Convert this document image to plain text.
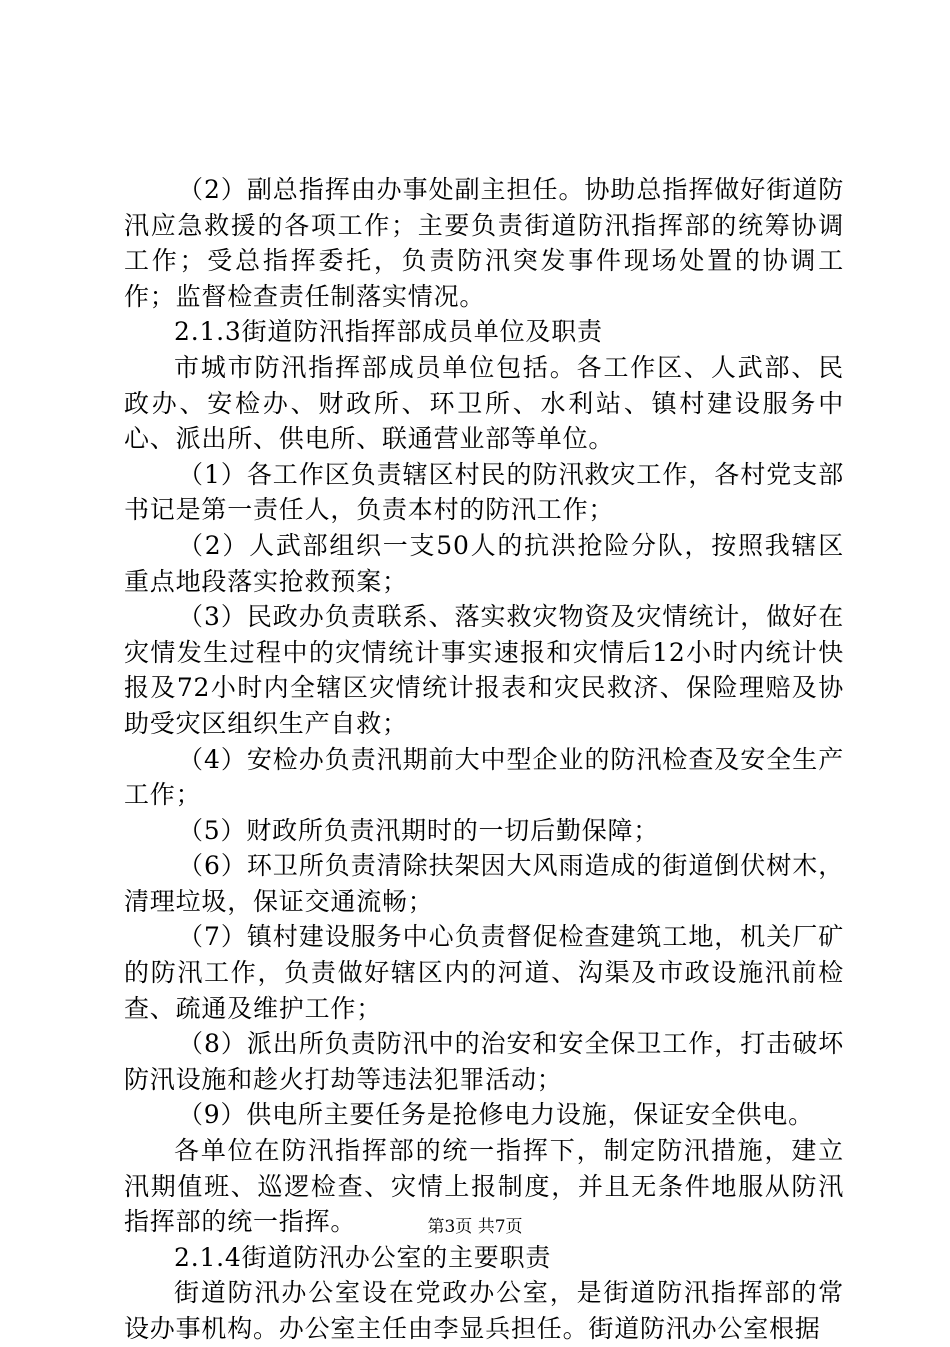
（2）副总指挥由办事处副主担任。协助总指挥做好街道防汛应急救援的各项工作；主要负责街道防汛指挥部的统筹协调工作；受总指挥委托，负责防汛突发事件现场处置的协调工作；监督检查责任制落实情况。

2.1.3街道防汛指挥部成员单位及职责

市城市防汛指挥部成员单位包括。各工作区、人武部、民政办、安检办、财政所、环卫所、水利站、镇村建设服务中心、派出所、供电所、联通营业部等单位。

（1）各工作区负责辖区村民的防汛救灾工作，各村党支部书记是第一责任人，负责本村的防汛工作；

（2）人武部组织一支50人的抗洪抢险分队，按照我辖区重点地段落实抢救预案；

（3）民政办负责联系、落实救灾物资及灾情统计，做好在灾情发生过程中的灾情统计事实速报和灾情后12小时内统计快报及72小时内全辖区灾情统计报表和灾民救济、保险理赔及协助受灾区组织生产自救；

（4）安检办负责汛期前大中型企业的防汛检查及安全生产工作；

（5）财政所负责汛期时的一切后勤保障；

（6）环卫所负责清除扶架因大风雨造成的街道倒伏树木，清理垃圾，保证交通流畅；

（7）镇村建设服务中心负责督促检查建筑工地，机关厂矿的防汛工作，负责做好辖区内的河道、沟渠及市政设施汛前检查、疏通及维护工作；

（8）派出所负责防汛中的治安和安全保卫工作，打击破坏防汛设施和趁火打劫等违法犯罪活动；

（9）供电所主要任务是抢修电力设施，保证安全供电。

各单位在防汛指挥部的统一指挥下，制定防汛措施，建立汛期值班、巡逻检查、灾情上报制度，并且无条件地服从防汛指挥部的统一指挥。

2.1.4街道防汛办公室的主要职责

街道防汛办公室设在党政办公室，是街道防汛指挥部的常设办事机构。办公室主任由李显兵担任。街道防汛办公室根据

第3页 共7页
